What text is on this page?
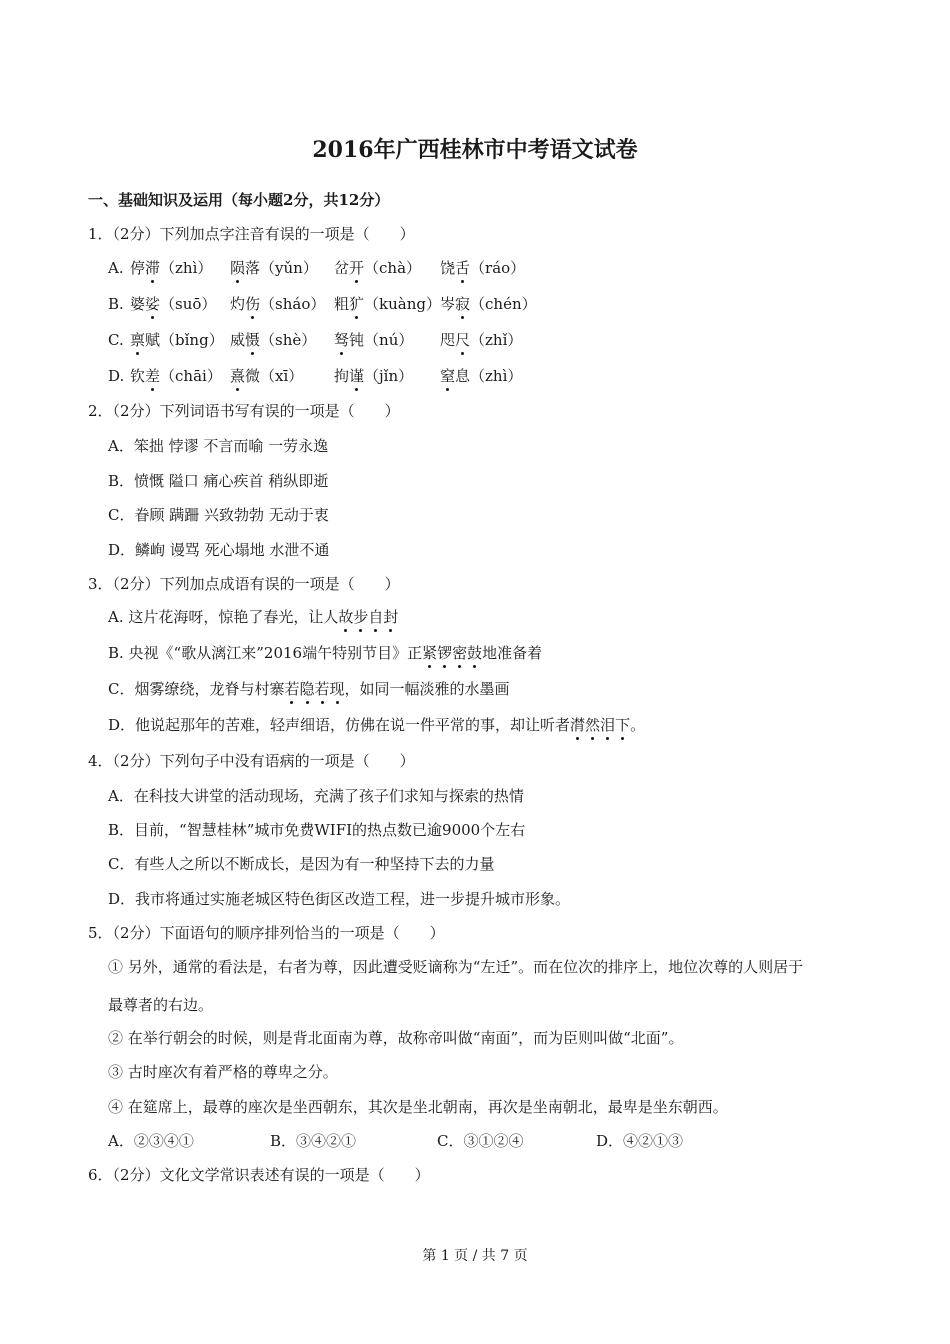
2016年广西桂林市中考语文试卷
一、基础知识及运用（每小题2分，共12分）
1．（2分）下列加点字注音有误的一项是（　　）
A. 停滞（zhì） 陨落（yǔn） 岔开（chà） 饶舌（ráo）
B. 婆娑（suō） 灼伤（sháo） 粗犷（kuàng） 岑寂（chén）
C. 禀赋（bǐng） 威慑（shè） 驽钝（nú） 咫尺（zhǐ）
D. 钦差（chāi） 熹微（xī） 拘谨（jǐn） 窒息（zhì）
2．（2分）下列词语书写有误的一项是（　　）
A．笨拙 悖谬 不言而喻 一劳永逸
B．愤慨 隘口 痛心疾首 稍纵即逝
C．眷顾 蹒跚 兴致勃勃 无动于衷
D．鳞峋 谩骂 死心塌地 水泄不通
3．（2分）下列加点成语有误的一项是（　　）
A. 这片花海呀，惊艳了春光，让人故步自封
B. 央视《“歌从漓江来”2016端午特别节目》正紧锣密鼓地准备着
C．烟雾缭绕，龙脊与村寨若隐若现，如同一幅淡雅的水墨画
D．他说起那年的苦难，轻声细语，仿佛在说一件平常的事，却让听者潸然泪下。
4．（2分）下列句子中没有语病的一项是（　　）
A．在科技大讲堂的活动现场，充满了孩子们求知与探索的热情
B．目前，“智慧桂林”城市免费WIFI的热点数已逾9000个左右
C．有些人之所以不断成长，是因为有一种坚持下去的力量
D．我市将通过实施老城区特色街区改造工程，进一步提升城市形象。
5．（2分）下面语句的顺序排列恰当的一项是（　　）
① 另外，通常的看法是，右者为尊，因此遭受贬谪称为“左迁”。而在位次的排序上，地位次尊的人则居于
最尊者的右边。
② 在举行朝会的时候，则是背北面南为尊，故称帝叫做“南面”，而为臣则叫做“北面”。
③ 古时座次有着严格的尊卑之分。
④ 在筵席上，最尊的座次是坐西朝东，其次是坐北朝南，再次是坐南朝北，最卑是坐东朝西。
A．②③④①	B．③④②①	C．③①②④	D．④②①③
6．（2分）文化文学常识表述有误的一项是（　　）
第 1 页 / 共 7 页
